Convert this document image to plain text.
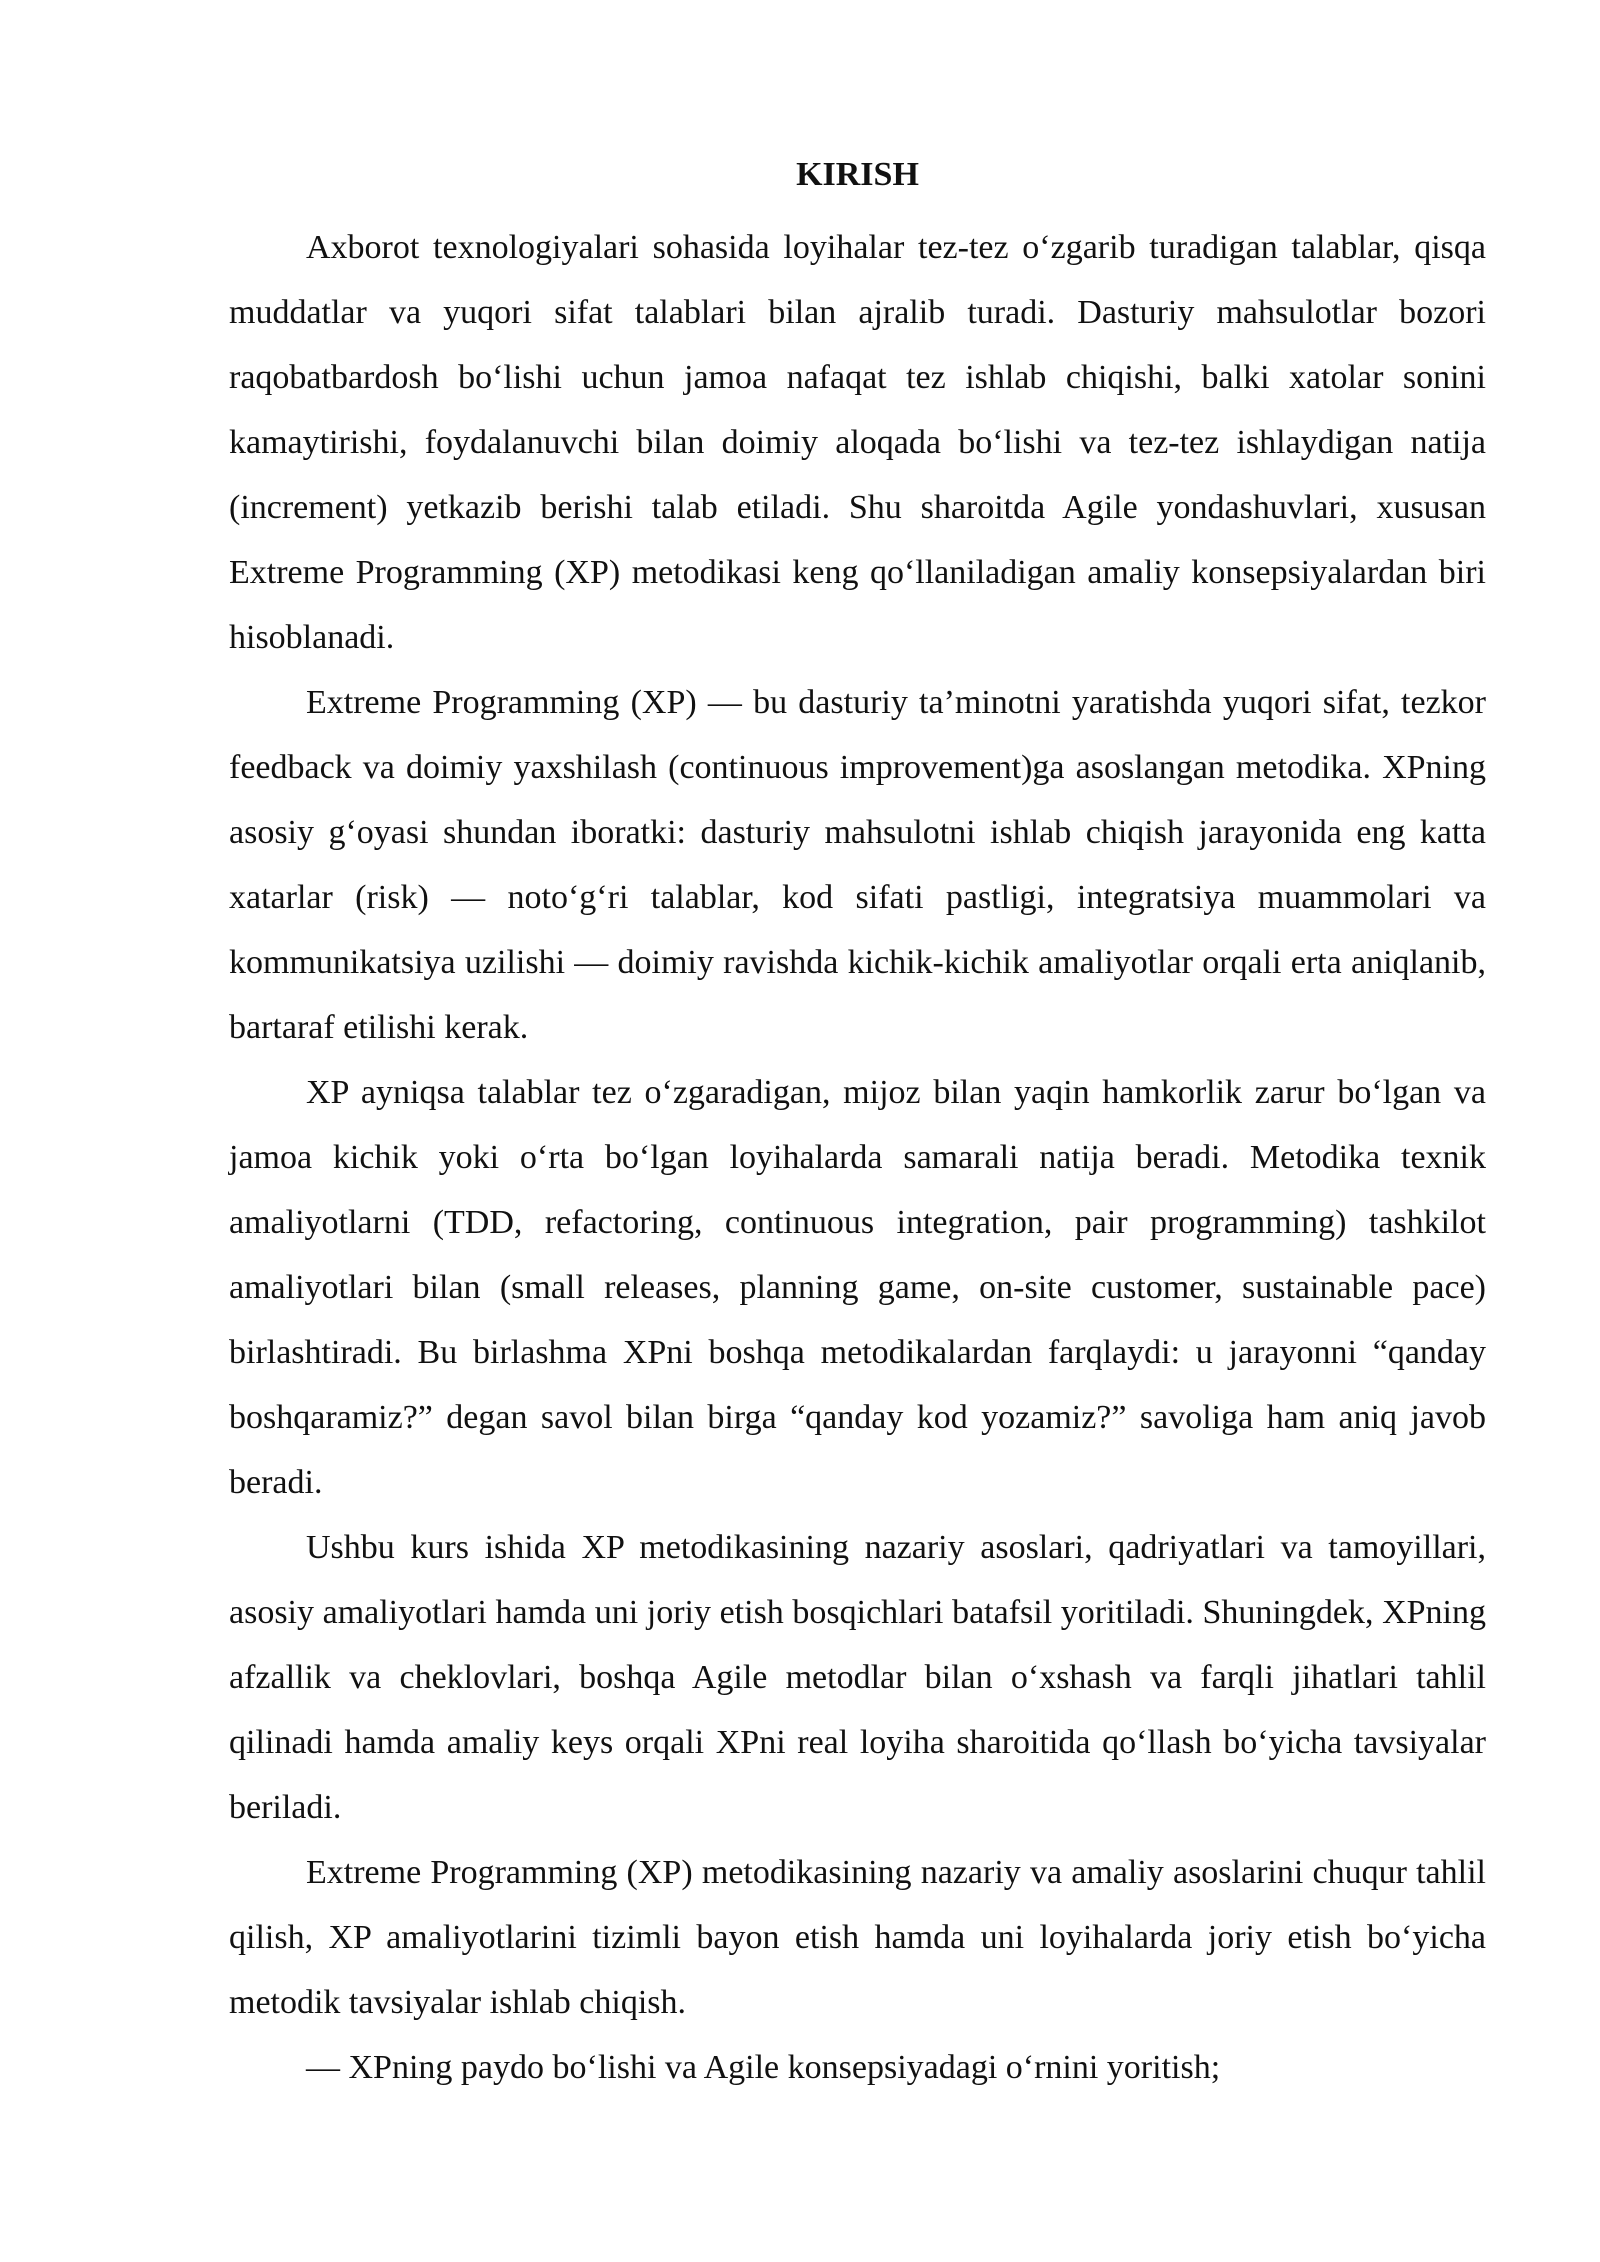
KIRISH

Axborot texnologiyalari sohasida loyihalar tez-tez o‘zgarib turadigan talablar, qisqa muddatlar va yuqori sifat talablari bilan ajralib turadi. Dasturiy mahsulotlar bozori raqobatbardosh bo‘lishi uchun jamoa nafaqat tez ishlab chiqishi, balki xatolar sonini kamaytirishi, foydalanuvchi bilan doimiy aloqada bo‘lishi va tez-tez ishlaydigan natija (increment) yetkazib berishi talab etiladi. Shu sharoitda Agile yondashuvlari, xususan Extreme Programming (XP) metodikasi keng qo‘llaniladigan amaliy konsepsiyalardan biri hisoblanadi.

Extreme Programming (XP) — bu dasturiy ta’minotni yaratishda yuqori sifat, tezkor feedback va doimiy yaxshilash (continuous improvement)ga asoslangan metodika. XPning asosiy g‘oyasi shundan iboratki: dasturiy mahsulotni ishlab chiqish jarayonida eng katta xatarlar (risk) — noto‘g‘ri talablar, kod sifati pastligi, integratsiya muammolari va kommunikatsiya uzilishi — doimiy ravishda kichik-kichik amaliyotlar orqali erta aniqlanib, bartaraf etilishi kerak.

XP ayniqsa talablar tez o‘zgaradigan, mijoz bilan yaqin hamkorlik zarur bo‘lgan va jamoa kichik yoki o‘rta bo‘lgan loyihalarda samarali natija beradi. Metodika texnik amaliyotlarni (TDD, refactoring, continuous integration, pair programming) tashkilot amaliyotlari bilan (small releases, planning game, on-site customer, sustainable pace) birlashtiradi. Bu birlashma XPni boshqa metodikalardan farqlaydi: u jarayonni “qanday boshqaramiz?” degan savol bilan birga “qanday kod yozamiz?” savoliga ham aniq javob beradi.

Ushbu kurs ishida XP metodikasining nazariy asoslari, qadriyatlari va tamoyillari, asosiy amaliyotlari hamda uni joriy etish bosqichlari batafsil yoritiladi. Shuningdek, XPning afzallik va cheklovlari, boshqa Agile metodlar bilan o‘xshash va farqli jihatlari tahlil qilinadi hamda amaliy keys orqali XPni real loyiha sharoitida qo‘llash bo‘yicha tavsiyalar beriladi.

Extreme Programming (XP) metodikasining nazariy va amaliy asoslarini chuqur tahlil qilish, XP amaliyotlarini tizimli bayon etish hamda uni loyihalarda joriy etish bo‘yicha metodik tavsiyalar ishlab chiqish.

— XPning paydo bo‘lishi va Agile konsepsiyadagi o‘rnini yoritish;
